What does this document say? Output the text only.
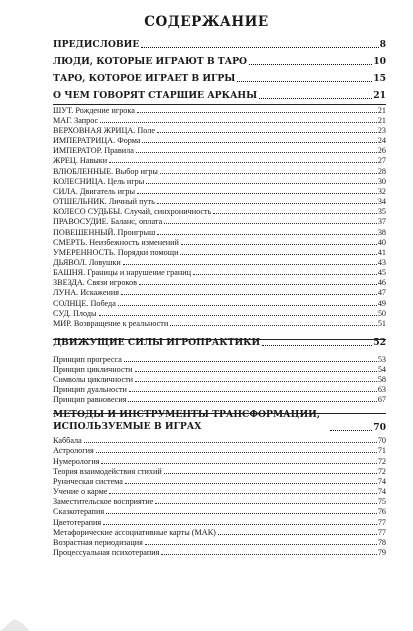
СОДЕРЖАНИЕ
ПРЕДИСЛОВИЕ	8
ЛЮДИ, КОТОРЫЕ ИГРАЮТ В ТАРО	10
ТАРО, КОТОРОЕ ИГРАЕТ В ИГРЫ	15
О ЧЕМ ГОВОРЯТ СТАРШИЕ АРКАНЫ	21
ШУТ. Рождение игрока	21
МАГ. Запрос	21
ВЕРХОВНАЯ ЖРИЦА. Поле	23
ИМПЕРАТРИЦА. Форма	24
ИМПЕРАТОР. Правила	26
ЖРЕЦ. Навыки	27
ВЛЮБЛЕННЫЕ. Выбор игры	28
КОЛЕСНИЦА. Цель игры	30
СИЛА. Двигатель игры	32
ОТШЕЛЬНИК. Личный путь	34
КОЛЕСО СУДЬБЫ. Случай, синхроничность	35
ПРАВОСУДИЕ. Баланс, оплата	37
ПОВЕШЕННЫЙ. Проигрыш	38
СМЕРТЬ. Неизбежность изменений	40
УМЕРЕННОСТЬ. Порядки помощи	41
ДЬЯВОЛ. Ловушки	43
БАШНЯ. Границы и нарушение границ	45
ЗВЕЗДА. Связи игроков	46
ЛУНА. Искажения	47
СОЛНЦЕ. Победа	49
СУД. Плоды	50
МИР. Возвращение к реальности	51
ДВИЖУЩИЕ СИЛЫ ИГРОПРАКТИКИ	52
Принцип прогресса	53
Принцип цикличности	54
Символы цикличности	58
Принцип дуальности	63
Принцип равновесия	67
МЕТОДЫ И ИНСТРУМЕНТЫ ТРАНСФОРМАЦИИ, ИСПОЛЬЗУЕМЫЕ В ИГРАХ	70
Каббала	70
Астрология	71
Нумерология	72
Теория взаимодействия стихий	72
Руническая система	74
Учение о карме	74
Заместительское восприятие	75
Сказкотерапия	76
Цветотерапия	77
Метафорические ассоциативные карты (МАК)	77
Возрастная периодизация	78
Процессуальная психотерапия	79
